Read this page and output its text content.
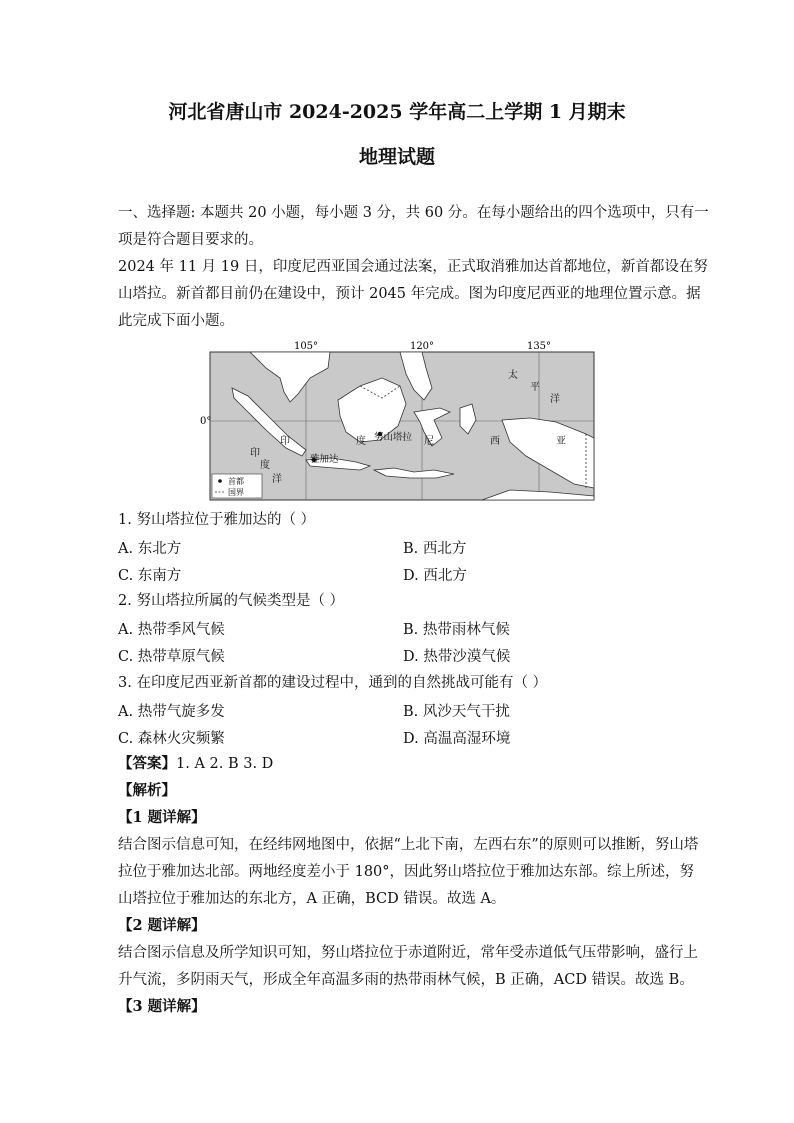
河北省唐山市 2024-2025 学年高二上学期 1 月期末
地理试题
一、选择题: 本题共 20 小题，每小题 3 分，共 60 分。在每小题给出的四个选项中，只有一
项是符合题目要求的。
2024 年 11 月 19 日，印度尼西亚国会通过法案，正式取消雅加达首都地位，新首都设在努
山塔拉。新首都目前仍在建设中，预计 2045 年完成。图为印度尼西亚的地理位置示意。据
此完成下面小题。
105°	120°	135°
0°
太
平
洋
印
印
度
洋
度 努山塔拉 尼	西	亚
雅加达
首都
国界
1. 努山塔拉位于雅加达的（ ）
A. 东北方	B. 西北方
C. 东南方	D. 西北方
2. 努山塔拉所属的气候类型是（ ）
A. 热带季风气候	B. 热带雨林气候
C. 热带草原气候	D. 热带沙漠气候
3. 在印度尼西亚新首都的建设过程中，通到的自然挑战可能有（ ）
A. 热带气旋多发	B. 风沙天气干扰
C. 森林火灾频繁	D. 高温高湿环境
【答案】1. A 2. B 3. D
【解析】
【1 题详解】
结合图示信息可知，在经纬网地图中，依据“上北下南，左西右东”的原则可以推断，努山塔
拉位于雅加达北部。两地经度差小于 180°，因此努山塔拉位于雅加达东部。综上所述，努
山塔拉位于雅加达的东北方，A 正确，BCD 错误。故选 A。
【2 题详解】
结合图示信息及所学知识可知，努山塔拉位于赤道附近，常年受赤道低气压带影响，盛行上
升气流，多阴雨天气，形成全年高温多雨的热带雨林气候，B 正确，ACD 错误。故选 B。
【3 题详解】
